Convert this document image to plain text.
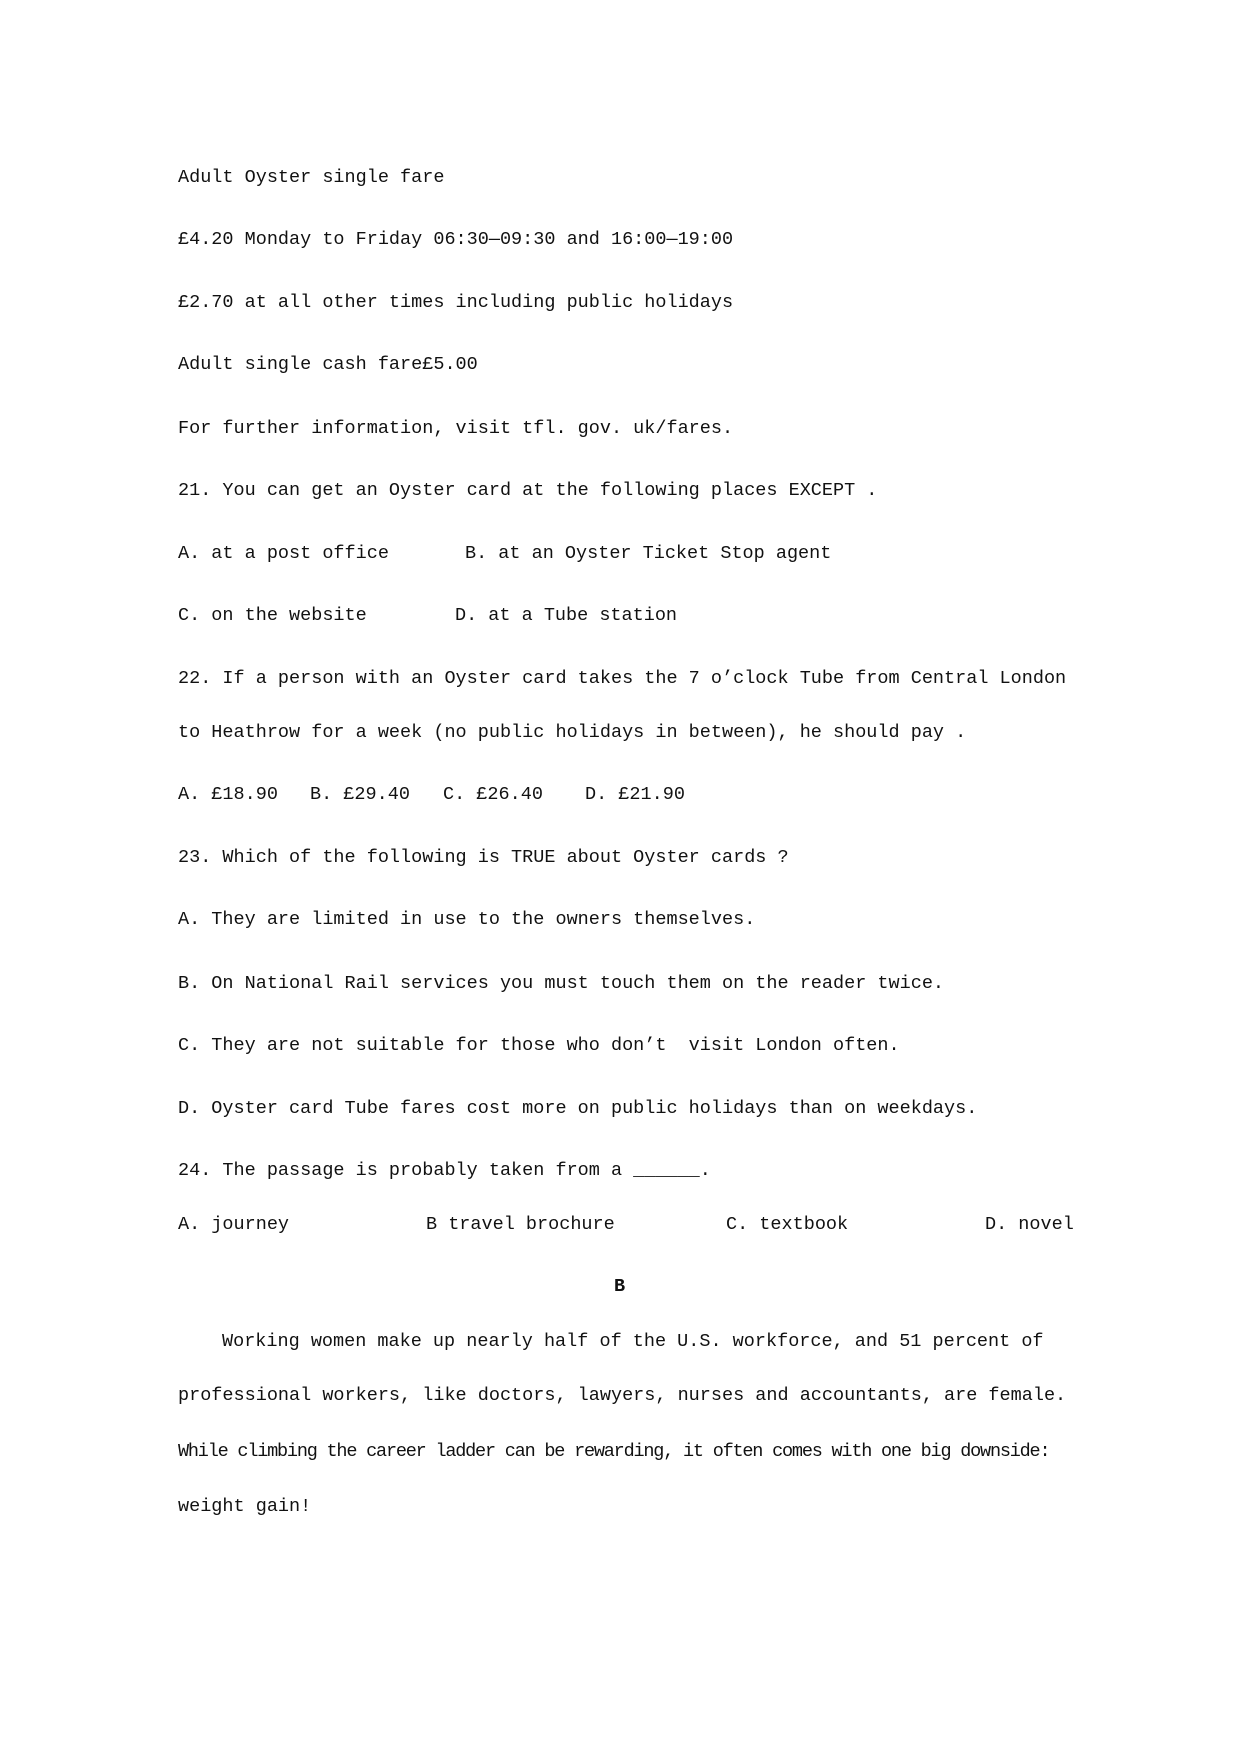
Adult Oyster single fare
£4.20 Monday to Friday 06:30—09:30 and 16:00—19:00
£2.70 at all other times including public holidays
Adult single cash fare£5.00
For further information, visit tfl. gov. uk/fares.
21. You can get an Oyster card at the following places EXCEPT .
A. at a post office	B. at an Oyster Ticket Stop agent
C. on the website	D. at a Tube station
22. If a person with an Oyster card takes the 7 o’clock Tube from Central London
to Heathrow for a week (no public holidays in between), he should pay .
A. £18.90 B. £29.40 C. £26.40 D. £21.90
23. Which of the following is TRUE about Oyster cards ?
A. They are limited in use to the owners themselves.
B. On National Rail services you must touch them on the reader twice.
C. They are not suitable for those who don’t  visit London often.
D. Oyster card Tube fares cost more on public holidays than on weekdays.
24. The passage is probably taken from a ______.
A. journey	B travel brochure	C. textbook	D. novel
B
Working women make up nearly half of the U.S. workforce, and 51 percent of
professional workers, like doctors, lawyers, nurses and accountants, are female.
While climbing the career ladder can be rewarding, it often comes with one big downside:
weight gain!
